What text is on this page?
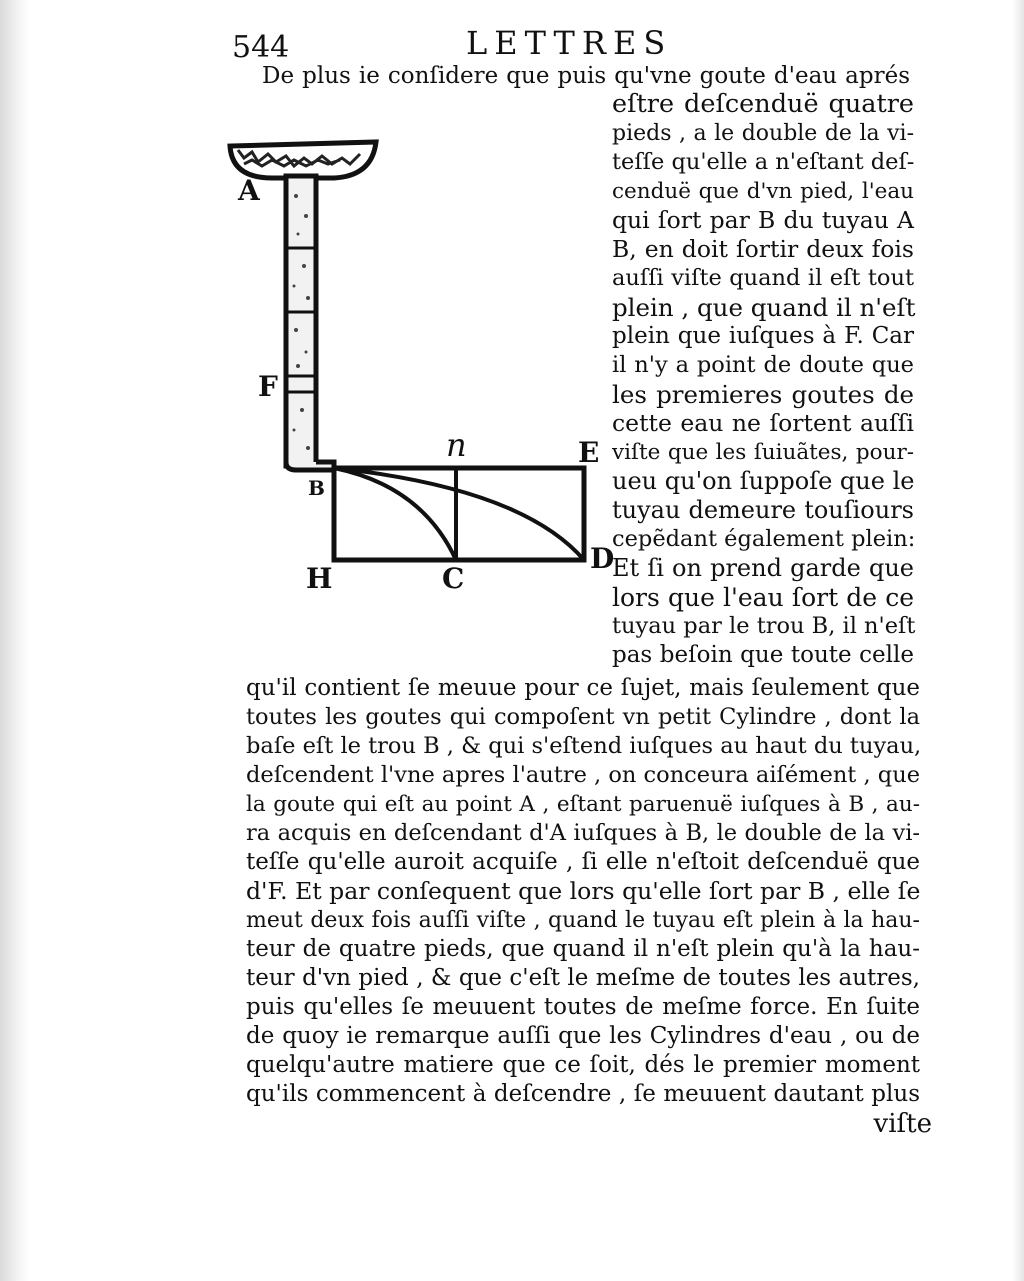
544	LETTRES
De plus ie conſidere que puis qu'vne goute d'eau aprés
A
F
B
n	E
D
H	C
eſtre deſcenduë quatre
pieds , a le double de la vi-
teſſe qu'elle a n'eſtant deſ-
cenduë que d'vn pied, l'eau
qui ſort par B du tuyau A
B, en doit ſortir deux fois
auſſi viſte quand il eſt tout
plein , que quand il n'eſt
plein que iuſques à F. Car
il n'y a point de doute que
les premieres goutes de
cette eau ne ſortent auſſi
viſte que les ſuiuãtes, pour-
ueu qu'on ſuppoſe que le
tuyau demeure touſiours
cepẽdant également plein:
Et ſi on prend garde que
lors que l'eau ſort de ce
tuyau par le trou B, il n'eſt
pas beſoin que toute celle
qu'il contient ſe meuue pour ce ſujet, mais ſeulement que
toutes les goutes qui compoſent vn petit Cylindre , dont la
baſe eſt le trou B , & qui s'eſtend iuſques au haut du tuyau,
deſcendent l'vne apres l'autre , on conceura aiſément , que
la goute qui eſt au point A , eſtant paruenuë iuſques à B , au-
ra acquis en deſcendant d'A iuſques à B, le double de la vi-
teſſe qu'elle auroit acquiſe , ſi elle n'eſtoit deſcenduë que
d'F. Et par conſequent que lors qu'elle ſort par B , elle ſe
meut deux fois auſſi viſte , quand le tuyau eſt plein à la hau-
teur de quatre pieds, que quand il n'eſt plein qu'à la hau-
teur d'vn pied , & que c'eſt le meſme de toutes les autres,
puis qu'elles ſe meuuent toutes de meſme force. En ſuite
de quoy ie remarque auſſi que les Cylindres d'eau , ou de
quelqu'autre matiere que ce ſoit, dés le premier moment
qu'ils commencent à deſcendre , ſe meuuent dautant plus
viſte
